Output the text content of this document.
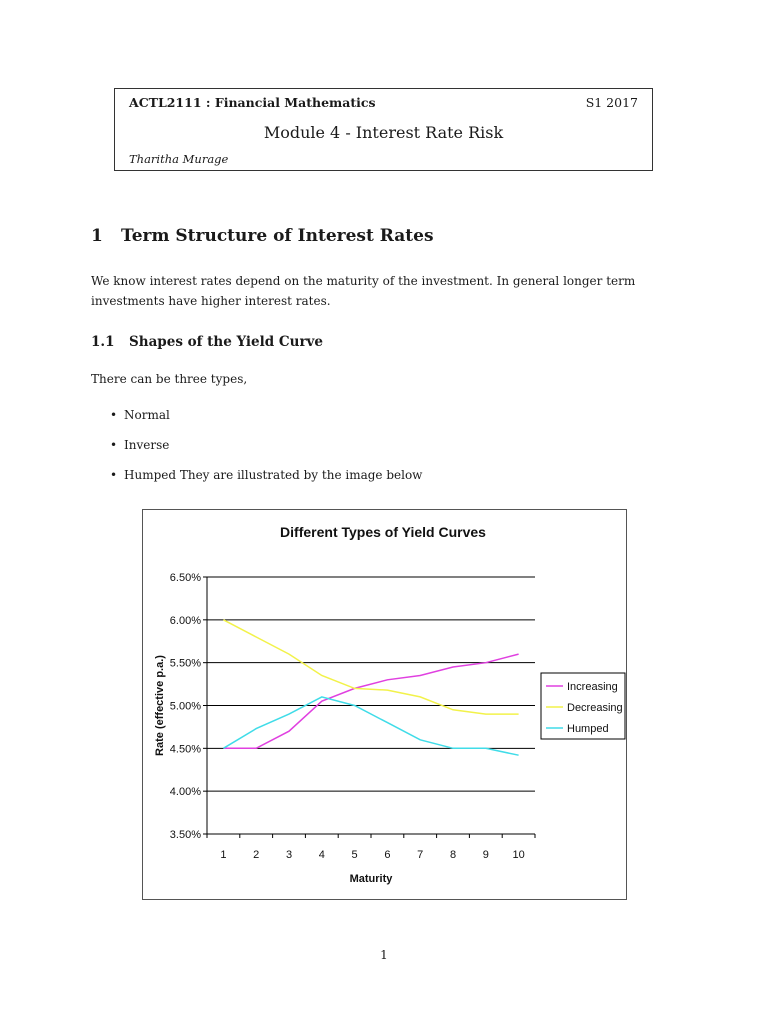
ACTL2111 : Financial Mathematics	S1 2017
Module 4 - Interest Rate Risk
Tharitha Murage
1 Term Structure of Interest Rates
We know interest rates depend on the maturity of the investment. In general longer term investments have higher interest rates.
1.1 Shapes of the Yield Curve
There can be three types,
• Normal
• Inverse
• Humped They are illustrated by the image below
Different Types of Yield Curves
3.50%
4.00%
4.50%
5.00%
5.50%
6.00%
6.50%
1 2 3 4 5 6 7 8 9 10
Maturity
Rate (effective p.a.)	Increasing
Decreasing
Humped
1
